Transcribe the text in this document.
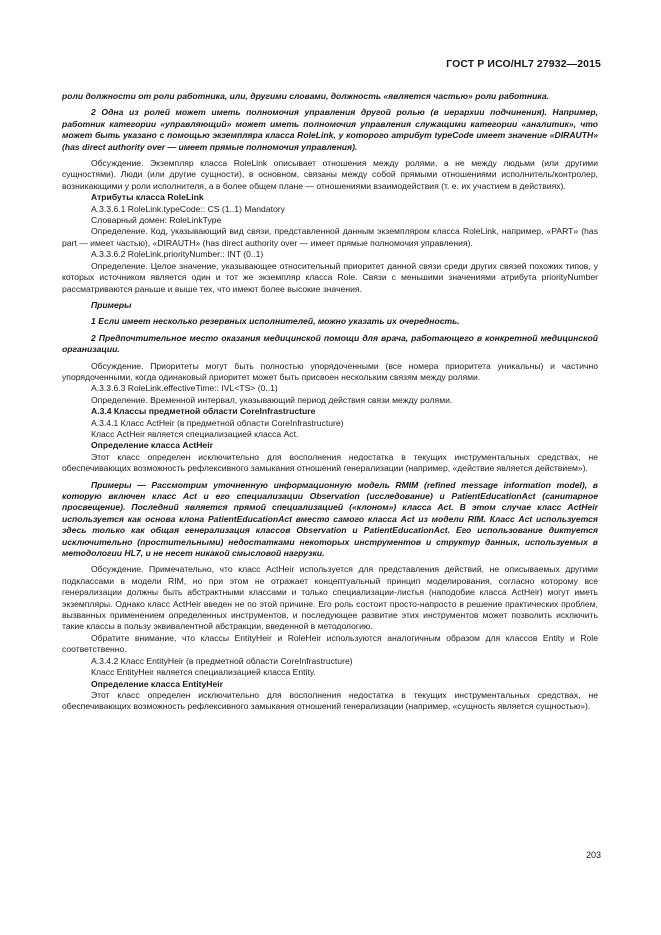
ГОСТ Р ИСО/HL7 27932—2015

роли должности от роли работника, или, другими словами, должность «является частью» роли работника.

2 Одна из ролей может иметь полномочия управления другой ролью (в иерархии подчинения). Например, работник категории «управляющий» может иметь полномочия управления служащими категории «аналитик», что может быть указано с помощью экземпляра класса RoleLink, у которого атрибут typeCode имеет значение «DIRAUTH» (has direct authority over — имеет прямые полномочия управления).

Обсуждение. Экземпляр класса RoleLink описывает отношения между ролями, а не между людьми (или другими сущностями). Люди (или другие сущности), в основном, связаны между собой прямыми отношениями исполнитель/контролер, возникающими у роли исполнителя, а в более общем плане — отношениями взаимодействия (т. е. их участием в действиях).

Атрибуты класса RoleLink

A.3.3.6.1 RoleLink.typeCode:: CS (1..1) Mandatory

Словарный домен: RoleLinkType

Определение. Код, указывающий вид связи, представленной данным экземпляром класса RoleLink, например, «PART» (has part — имеет частью), «DIRAUTH» (has direct authority over — имеет прямые полномочия управления).

A.3.3.6.2 RoleLink.priorityNumber:: INT (0..1)

Определение. Целое значение, указывающее относительный приоритет данной связи среди других связей похожих типов, у которых источником является один и тот же экземпляр класса Role. Связи с меньшими значениями атрибута priorityNumber рассматриваются раньше и выше тех, что имеют более высокие значения.

Примеры

1 Если имеет несколько резервных исполнителей, можно указать их очередность.

2 Предпочтительное место оказания медицинской помощи для врача, работающего в конкретной медицинской организации.

Обсуждение. Приоритеты могут быть полностью упорядоченными (все номера приоритета уникальны) и частично упорядоченными, когда одинаковый приоритет может быть присвоен нескольким связям между ролями.

A.3.3.6.3 RoleLink.effectiveTime:: IVL<TS> (0..1)

Определение. Временной интервал, указывающий период действия связи между ролями.

A.3.4 Классы предметной области CoreInfrastructure

A.3.4.1 Класс ActHeir (в предметной области CoreInfrastructure)

Класс ActHeir является специализацией класса Act.

Определение класса ActHeir

Этот класс определен исключительно для восполнения недостатка в текущих инструментальных средствах, не обеспечивающих возможность рефлексивного замыкания отношений генерализации (например, «действие является действием»).

Примеры — Рассмотрим уточненную информационную модель RMIM (refined message information model), в которую включен класс Act и его специализации Observation (исследование) и PatientEducationAct (санитарное просвещение). Последний является прямой специализацией («клоном») класса Act. В этом случае класс ActHeir используется как основа клона PatientEducationAct вместо самого класса Act из модели RIM. Класс Act используется здесь только как общая генерализация классов Observation и PatientEducationAct. Его использование диктуется исключительно (простительными) недостатками некоторых инструментов и структур данных, используемых в методологии HL7, и не несет никакой смысловой нагрузки.

Обсуждение. Примечательно, что класс ActHeir используется для представления действий, не описываемых другими подклассами в модели RIM, но при этом не отражает концептуальный принцип моделирования, согласно которому все генерализации должны быть абстрактными классами и только специализации-листья (наподобие класса ActHeir) могут иметь экземпляры. Однако класс ActHeir введен не по этой причине. Его роль состоит просто-напросто в решение практических проблем, вызванных применением определенных инструментов, и последующее развитие этих инструментов может позволить исключить такие классы в пользу эквивалентной абстракции, введенной в методологию.

Обратите внимание, что классы EntityHeir и RoleHeir используются аналогичным образом для классов Entity и Role соответственно.

A.3.4.2 Класс EntityHeir (в предметной области CoreInfrastructure)

Класс EntityHeir является специализацией класса Entity.

Определение класса EntityHeir

Этот класс определен исключительно для восполнения недостатка в текущих инструментальных средствах, не обеспечивающих возможность рефлексивного замыкания отношений генерализации (например, «сущность является сущностью»).

203
